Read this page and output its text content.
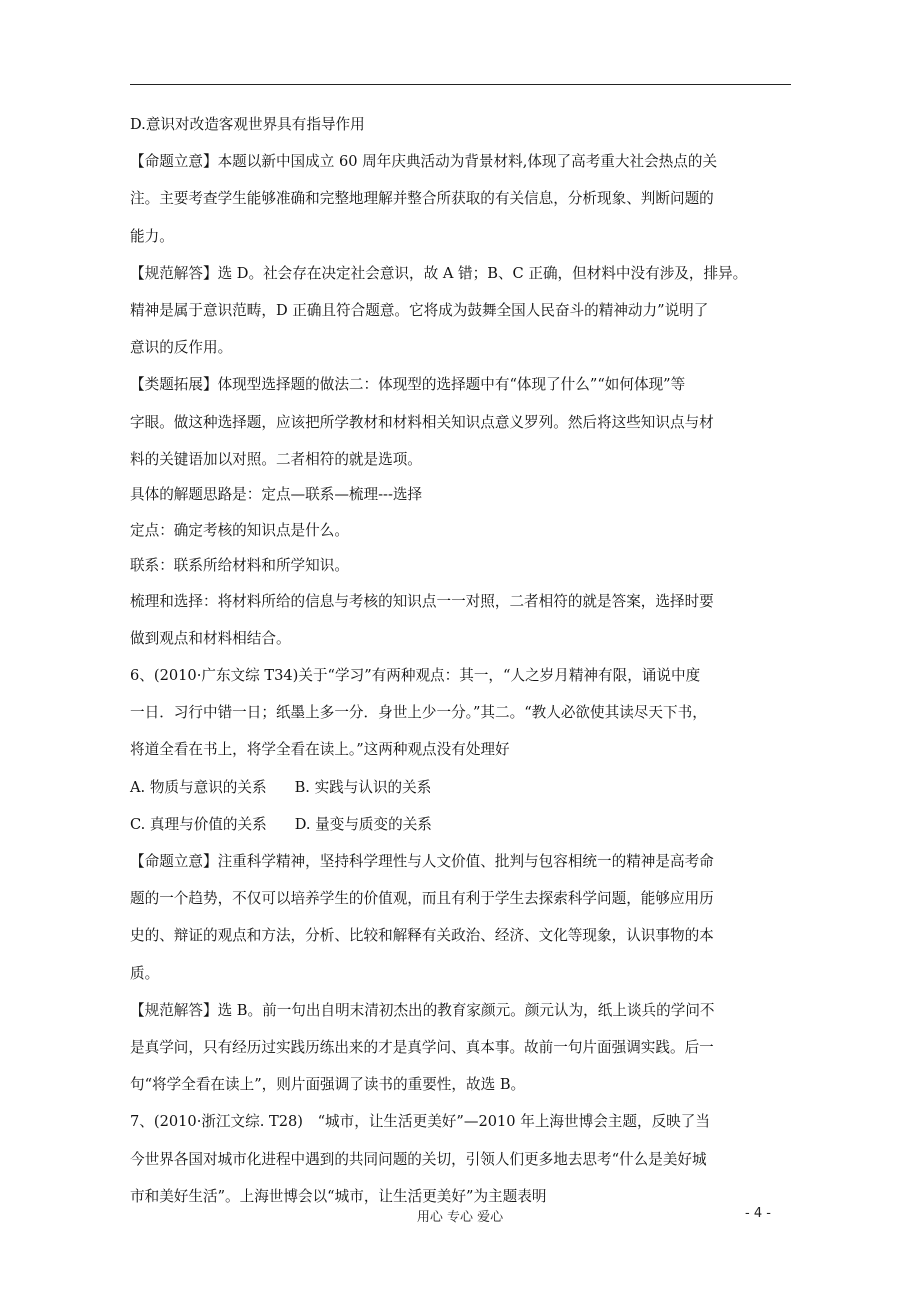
D.意识对改造客观世界具有指导作用
【命题立意】本题以新中国成立 60 周年庆典活动为背景材料,体现了高考重大社会热点的关
注。主要考查学生能够准确和完整地理解并整合所获取的有关信息，分析现象、判断问题的
能力。
【规范解答】选 D。社会存在决定社会意识，故 A 错；B、C 正确，但材料中没有涉及，排异。
精神是属于意识范畴，D 正确且符合题意。它将成为鼓舞全国人民奋斗的精神动力”说明了
意识的反作用。
【类题拓展】体现型选择题的做法二：体现型的选择题中有“体现了什么”“如何体现”等
字眼。做这种选择题，应该把所学教材和材料相关知识点意义罗列。然后将这些知识点与材
料的关键语加以对照。二者相符的就是选项。
具体的解题思路是：定点—联系—梳理---选择
定点：确定考核的知识点是什么。
联系：联系所给材料和所学知识。
梳理和选择：将材料所给的信息与考核的知识点一一对照，二者相符的就是答案，选择时要
做到观点和材料相结合。
6、(2010·广东文综 T34)关于“学习”有两种观点：其一，“人之岁月精神有限，诵说中度
一日．习行中错一日；纸墨上多一分．身世上少一分。”其二。“教人必欲使其读尽天下书，
将道全看在书上，将学全看在读上。”这两种观点没有处理好
A. 物质与意识的关系 B. 实践与认识的关系
C. 真理与价值的关系 D. 量变与质变的关系
【命题立意】注重科学精神，坚持科学理性与人文价值、批判与包容相统一的精神是高考命
题的一个趋势，不仅可以培养学生的价值观，而且有利于学生去探索科学问题，能够应用历
史的、辩证的观点和方法，分析、比较和解释有关政治、经济、文化等现象，认识事物的本
质。
【规范解答】选 B。前一句出自明末清初杰出的教育家颜元。颜元认为，纸上谈兵的学问不
是真学问，只有经历过实践历练出来的才是真学问、真本事。故前一句片面强调实践。后一
句“将学全看在读上”，则片面强调了读书的重要性，故选 B。
7、(2010·浙江文综. T28)　“城市，让生活更美好”—2010 年上海世博会主题，反映了当
今世界各国对城市化进程中遇到的共同问题的关切，引领人们更多地去思考“什么是美好城
市和美好生活”。上海世博会以“城市，让生活更美好”为主题表明
用心 专心 爱心	- 4 -
